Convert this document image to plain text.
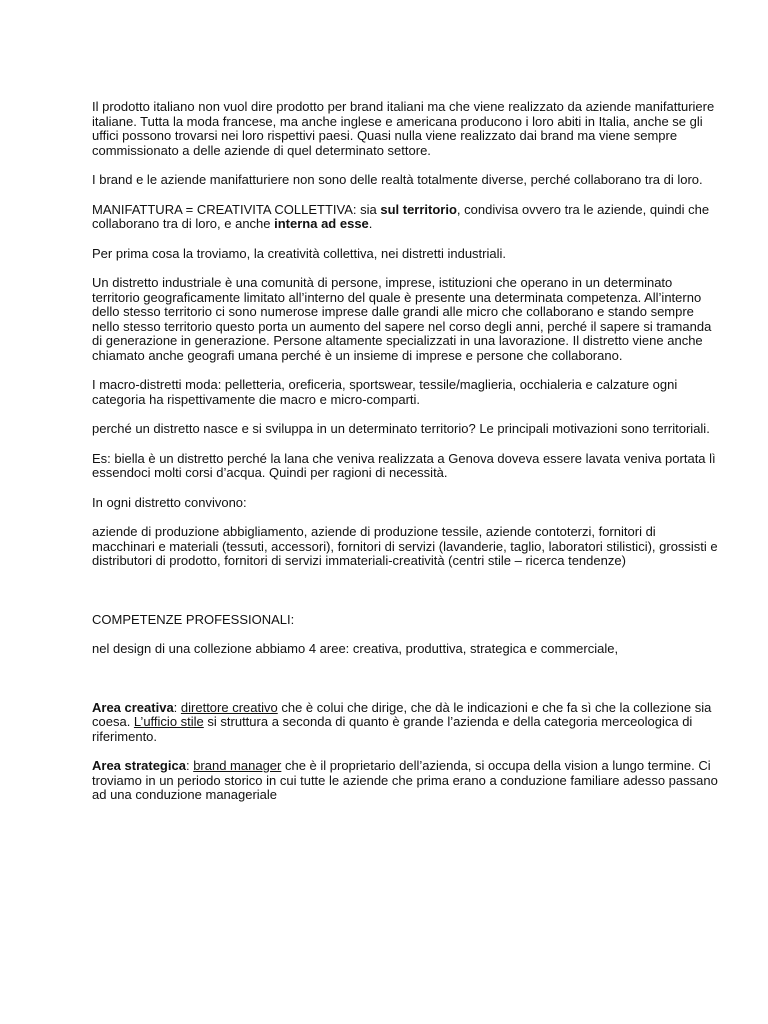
Il prodotto italiano non vuol dire prodotto per brand italiani ma che viene realizzato da aziende manifatturiere italiane. Tutta la moda francese, ma anche inglese e americana producono i loro abiti in Italia, anche se gli uffici possono trovarsi nei loro rispettivi paesi. Quasi nulla viene realizzato dai brand ma viene sempre commissionato a delle aziende di quel determinato settore.

I brand e le aziende manifatturiere non sono delle realtà totalmente diverse, perché collaborano tra di loro.

MANIFATTURA = CREATIVITA COLLETTIVA: sia sul territorio, condivisa ovvero tra le aziende, quindi che collaborano tra di loro, e anche interna ad esse.

Per prima cosa la troviamo, la creatività collettiva, nei distretti industriali.

Un distretto industriale è una comunità di persone, imprese, istituzioni che operano in un determinato territorio geograficamente limitato all’interno del quale è presente una determinata competenza. All’interno dello stesso territorio ci sono numerose imprese dalle grandi alle micro che collaborano e stando sempre nello stesso territorio questo porta un aumento del sapere nel corso degli anni, perché il sapere si tramanda di generazione in generazione. Persone altamente specializzati in una lavorazione. Il distretto viene anche chiamato anche geografi umana perché è un insieme di imprese e persone che collaborano.

I macro-distretti moda: pelletteria, oreficeria, sportswear, tessile/maglieria, occhialeria e calzature ogni categoria ha rispettivamente die macro e micro-comparti.

perché un distretto nasce e si sviluppa in un determinato territorio? Le principali motivazioni sono territoriali.

Es: biella è un distretto perché la lana che veniva realizzata a Genova doveva essere lavata veniva portata lì essendoci molti corsi d’acqua. Quindi per ragioni di necessità.

In ogni distretto convivono:

aziende di produzione abbigliamento, aziende di produzione tessile, aziende contoterzi, fornitori di macchinari e materiali (tessuti, accessori), fornitori di servizi (lavanderie, taglio, laboratori stilistici), grossisti e distributori di prodotto, fornitori di servizi immateriali-creatività (centri stile – ricerca tendenze)

COMPETENZE PROFESSIONALI:

nel design di una collezione abbiamo 4 aree: creativa, produttiva, strategica e commerciale,

Area creativa: direttore creativo che è colui che dirige, che dà le indicazioni e che fa sì che la collezione sia coesa. L’ufficio stile si struttura a seconda di quanto è grande l’azienda e della categoria merceologica di riferimento.

Area strategica: brand manager che è il proprietario dell’azienda, si occupa della vision a lungo termine. Ci troviamo in un periodo storico in cui tutte le aziende che prima erano a conduzione familiare adesso passano ad una conduzione manageriale
